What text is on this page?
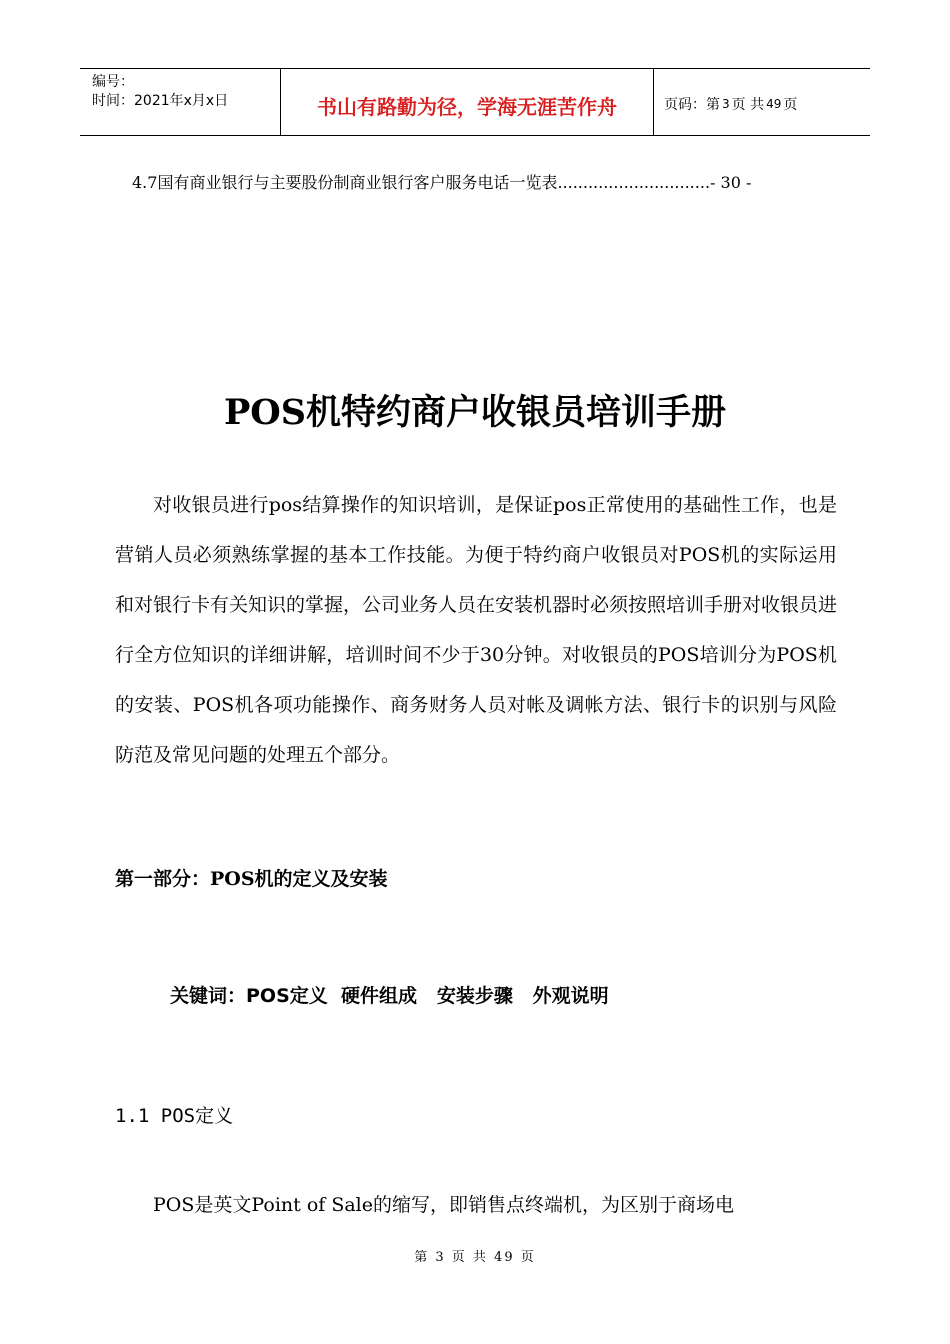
编号：
时间：2021年x月x日	书山有路勤为径，学海无涯苦作舟	页码：第 3 页 共 49 页
4.7国有商业银行与主要股份制商业银行客户服务电话一览表..............................- 30 -
POS机特约商户收银员培训手册

对收银员进行pos结算操作的知识培训，是保证pos正常使用的基础性工作，也是营销人员必须熟练掌握的基本工作技能。为便于特约商户收银员对POS机的实际运用和对银行卡有关知识的掌握，公司业务人员在安装机器时必须按照培训手册对收银员进行全方位知识的详细讲解，培训时间不少于30分钟。对收银员的POS培训分为POS机的安装、POS机各项功能操作、商务财务人员对帐及调帐方法、银行卡的识别与风险防范及常见问题的处理五个部分。

第一部分：POS机的定义及安装
关键词：POS定义  硬件组成   安装步骤   外观说明
1.1 POS定义

POS是英文Point of Sale的缩写，即销售点终端机，为区别于商场电

第 3 页 共 49 页
